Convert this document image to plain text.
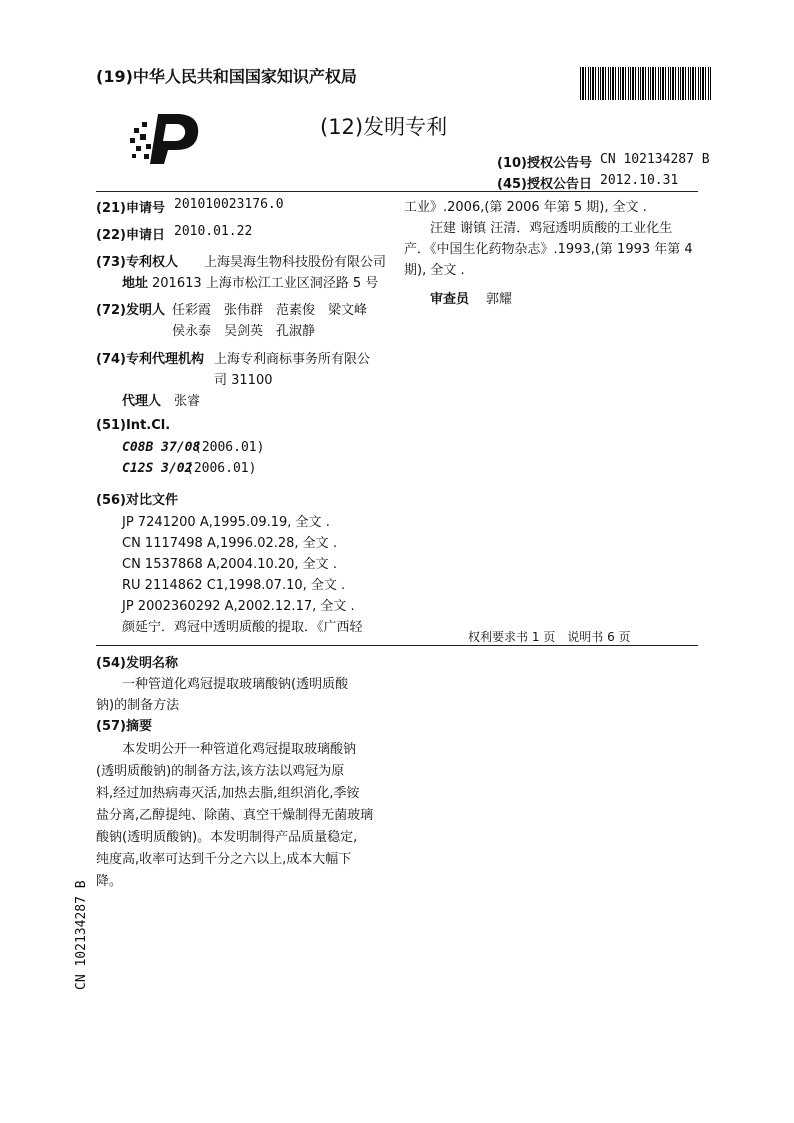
(19)中华人民共和国国家知识产权局
(12)发明专利
(10)授权公告号 CN 102134287 B
(45)授权公告日 2012.10.31
(21)申请号 201010023176.0
(22)申请日 2010.01.22
(73)专利权人 上海昊海生物科技股份有限公司
地址 201613 上海市松江工业区洞泾路 5 号
(72)发明人 任彩霞　张伟群　范素俊　梁文峰
侯永泰　吴剑英　孔淑静
(74)专利代理机构 上海专利商标事务所有限公
司 31100
代理人 张睿
(51)Int.Cl.
C08B 37/08
(2006.01)
C12S 3/02
(2006.01)
(56)对比文件
JP 7241200 A,1995.09.19, 全文 .
CN 1117498 A,1996.02.28, 全文 .
CN 1537868 A,2004.10.20, 全文 .
RU 2114862 C1,1998.07.10, 全文 .
JP 2002360292 A,2002.12.17, 全文 .
颜延宁．鸡冠中透明质酸的提取．《广西轻
工业》.2006,(第 2006 年第 5 期), 全文 .
　　汪建 谢镇 汪清．鸡冠透明质酸的工业化生
产．《中国生化药物杂志》.1993,(第 1993 年第 4
期), 全文 .
审查员 郭耀
权利要求书 1 页　说明书 6 页
(54)发明名称
一种管道化鸡冠提取玻璃酸钠(透明质酸
钠)的制备方法
(57)摘要
　　本发明公开一种管道化鸡冠提取玻璃酸钠
(透明质酸钠)的制备方法,该方法以鸡冠为原
料,经过加热病毒灭活,加热去脂,组织消化,季铵
盐分离,乙醇提纯、除菌、真空干燥制得无菌玻璃
酸钠(透明质酸钠)。本发明制得产品质量稳定,
纯度高,收率可达到千分之六以上,成本大幅下
降。
CN 102134287 B
